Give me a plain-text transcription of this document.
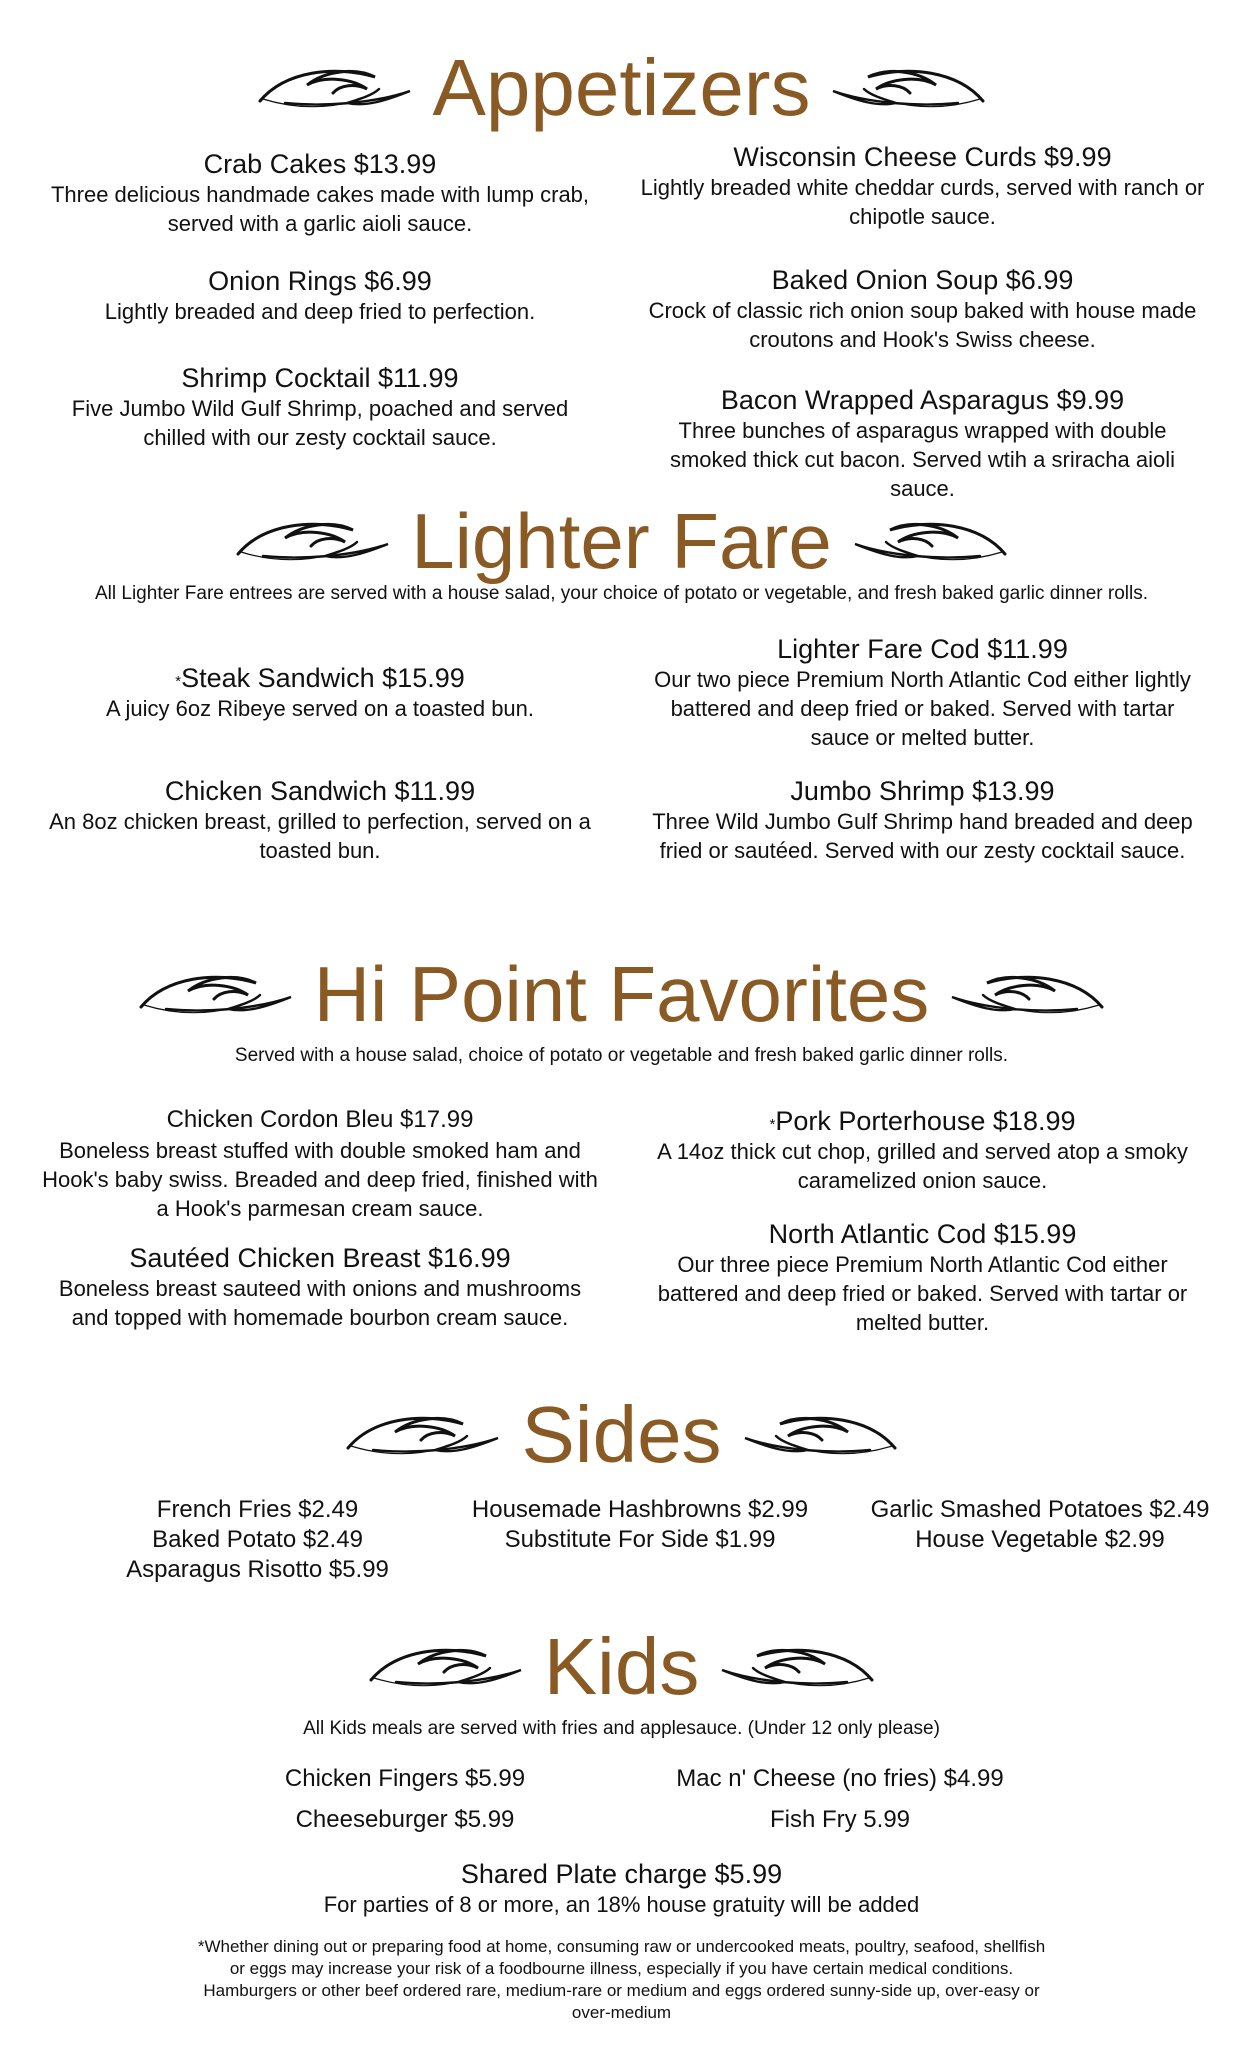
Appetizers
Crab Cakes $13.99
Three delicious handmade cakes made with lump crab, served with a garlic aioli sauce.
Onion Rings $6.99
Lightly breaded and deep fried to perfection.
Shrimp Cocktail $11.99
Five Jumbo Wild Gulf Shrimp, poached and served chilled with our zesty cocktail sauce.
Wisconsin Cheese Curds $9.99
Lightly breaded white cheddar curds, served with ranch or chipotle sauce.
Baked Onion Soup $6.99
Crock of classic rich onion soup baked with house made croutons and Hook's Swiss cheese.
Bacon Wrapped Asparagus $9.99
Three bunches of asparagus wrapped with double smoked thick cut bacon. Served wtih a sriracha aioli sauce.
Lighter Fare
All Lighter Fare entrees are served with a house salad, your choice of potato or vegetable, and fresh baked garlic dinner rolls.
*Steak Sandwich $15.99
A juicy 6oz Ribeye served on a toasted bun.
Chicken Sandwich $11.99
An 8oz chicken breast, grilled to perfection, served on a toasted bun.
Lighter Fare Cod $11.99
Our two piece Premium North Atlantic Cod either lightly battered and deep fried or baked. Served with tartar sauce or melted butter.
Jumbo Shrimp $13.99
Three Wild Jumbo Gulf Shrimp hand breaded and deep fried or sautéed. Served with our zesty cocktail sauce.
Hi Point Favorites
Served with a house salad, choice of potato or vegetable and fresh baked garlic dinner rolls.
Chicken Cordon Bleu $17.99
Boneless breast stuffed with double smoked ham and Hook's baby swiss. Breaded and deep fried, finished with a Hook's parmesan cream sauce.
Sautéed Chicken Breast $16.99
Boneless breast sauteed with onions and mushrooms and topped with homemade bourbon cream sauce.
*Pork Porterhouse $18.99
A 14oz thick cut chop, grilled and served atop a smoky caramelized onion sauce.
North Atlantic Cod $15.99
Our three piece Premium North Atlantic Cod either battered and deep fried or baked. Served with tartar or melted butter.
Sides
French Fries $2.49
Baked Potato $2.49
Asparagus Risotto $5.99
Housemade Hashbrowns $2.99
Substitute For Side $1.99
Garlic Smashed Potatoes $2.49
House Vegetable $2.99
Kids
All Kids meals are served with fries and applesauce. (Under 12 only please)
Chicken Fingers $5.99	Mac n' Cheese (no fries) $4.99
Cheeseburger $5.99	Fish Fry 5.99
Shared Plate charge $5.99
For parties of 8 or more, an 18% house gratuity will be added
*Whether dining out or preparing food at home, consuming raw or undercooked meats, poultry, seafood, shellfish or eggs may increase your risk of a foodbourne illness, especially if you have certain medical conditions. Hamburgers or other beef ordered rare, medium-rare or medium and eggs ordered sunny-side up, over-easy or over-medium
